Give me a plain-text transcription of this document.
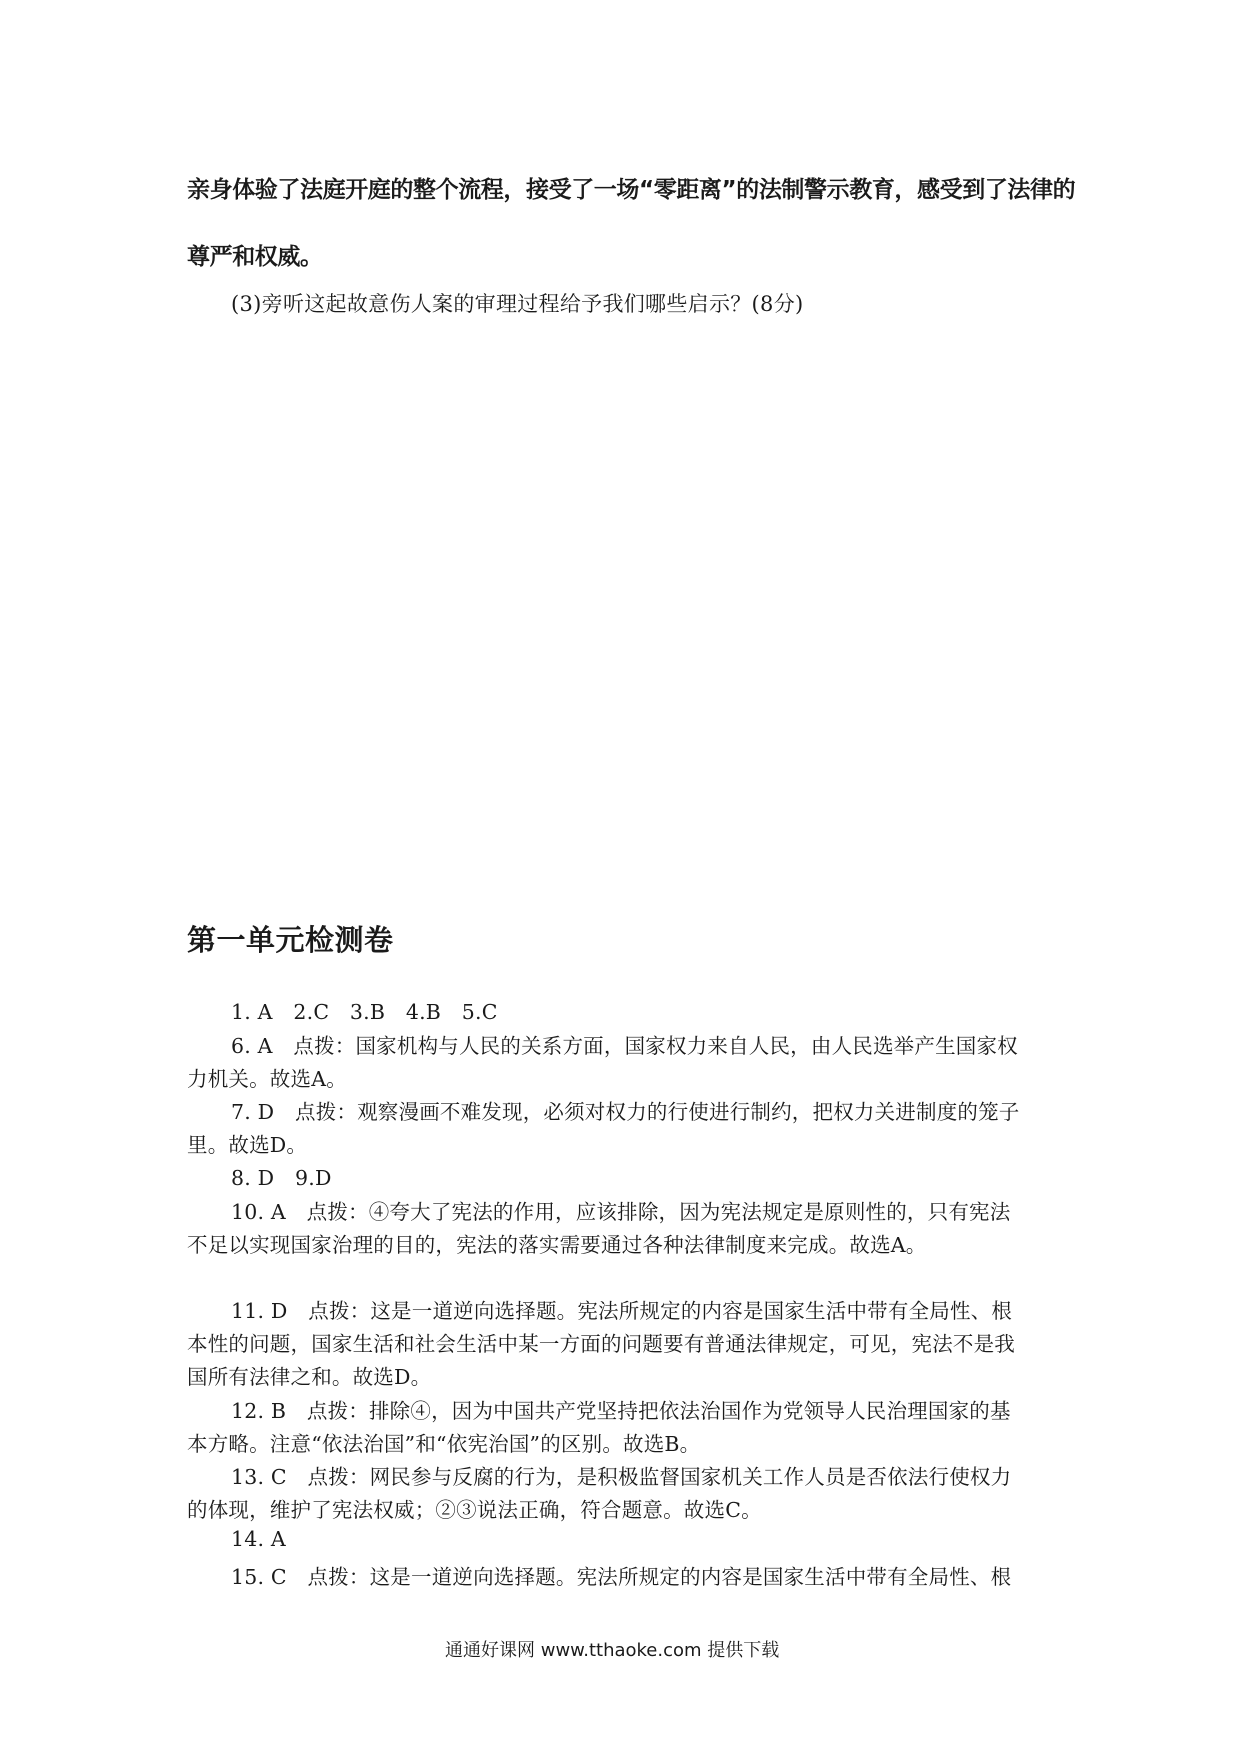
亲身体验了法庭开庭的整个流程，接受了一场“零距离”的法制警示教育，感受到了法律的
尊严和权威。
(3)旁听这起故意伤人案的审理过程给予我们哪些启示？(8分)
第一单元检测卷
1. A　2.C　3.B　4.B　5.C
6. A　点拨：国家机构与人民的关系方面，国家权力来自人民，由人民选举产生国家权
力机关。故选A。
7. D　点拨：观察漫画不难发现，必须对权力的行使进行制约，把权力关进制度的笼子
里。故选D。
8. D　9.D
10. A　点拨：④夸大了宪法的作用，应该排除，因为宪法规定是原则性的，只有宪法
不足以实现国家治理的目的，宪法的落实需要通过各种法律制度来完成。故选A。
11. D　点拨：这是一道逆向选择题。宪法所规定的内容是国家生活中带有全局性、根
本性的问题，国家生活和社会生活中某一方面的问题要有普通法律规定，可见，宪法不是我
国所有法律之和。故选D。
12. B　点拨：排除④，因为中国共产党坚持把依法治国作为党领导人民治理国家的基
本方略。注意“依法治国”和“依宪治国”的区别。故选B。
13. C　点拨：网民参与反腐的行为，是积极监督国家机关工作人员是否依法行使权力
的体现，维护了宪法权威；②③说法正确，符合题意。故选C。
14. A
15. C　点拨：这是一道逆向选择题。宪法所规定的内容是国家生活中带有全局性、根
通通好课网 www.tthaoke.com 提供下载
